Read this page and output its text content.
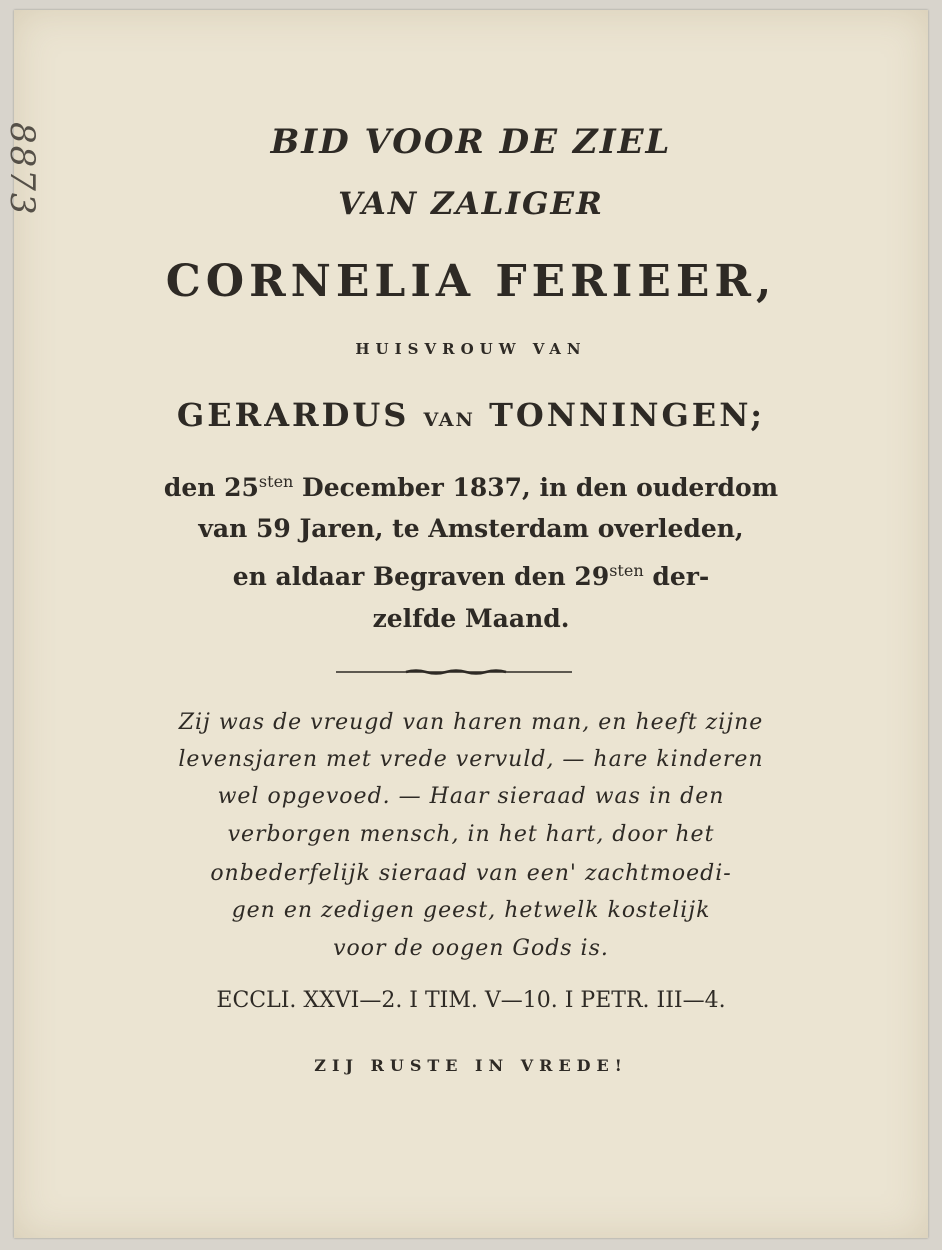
8873	BID VOOR DE ZIEL
VAN ZALIGER
CORNELIA FERIEER,
HUISVROUW VAN
GERARDUS VAN TONNINGEN;
den $25^{sten}$ December 1837, in den ouderdom
van 59 Jaren, te Amsterdam overleden,
en aldaar Begraven den $29^{sten}$ der-
zelfde Maand.
Zij was de vreugd van haren man, en heeft zijne
levensjaren met vrede vervuld, — hare kinderen
wel opgevoed. — Haar sieraad was in den
verborgen mensch, in het hart, door het
onbederfelijk sieraad van een' zachtmoedi-
gen en zedigen geest, hetwelk kostelijk
voor de oogen Gods is.
ECCLI. XXVI—2. I TIM. V—10. I PETR. III—4.
ZIJ RUSTE IN VREDE!
